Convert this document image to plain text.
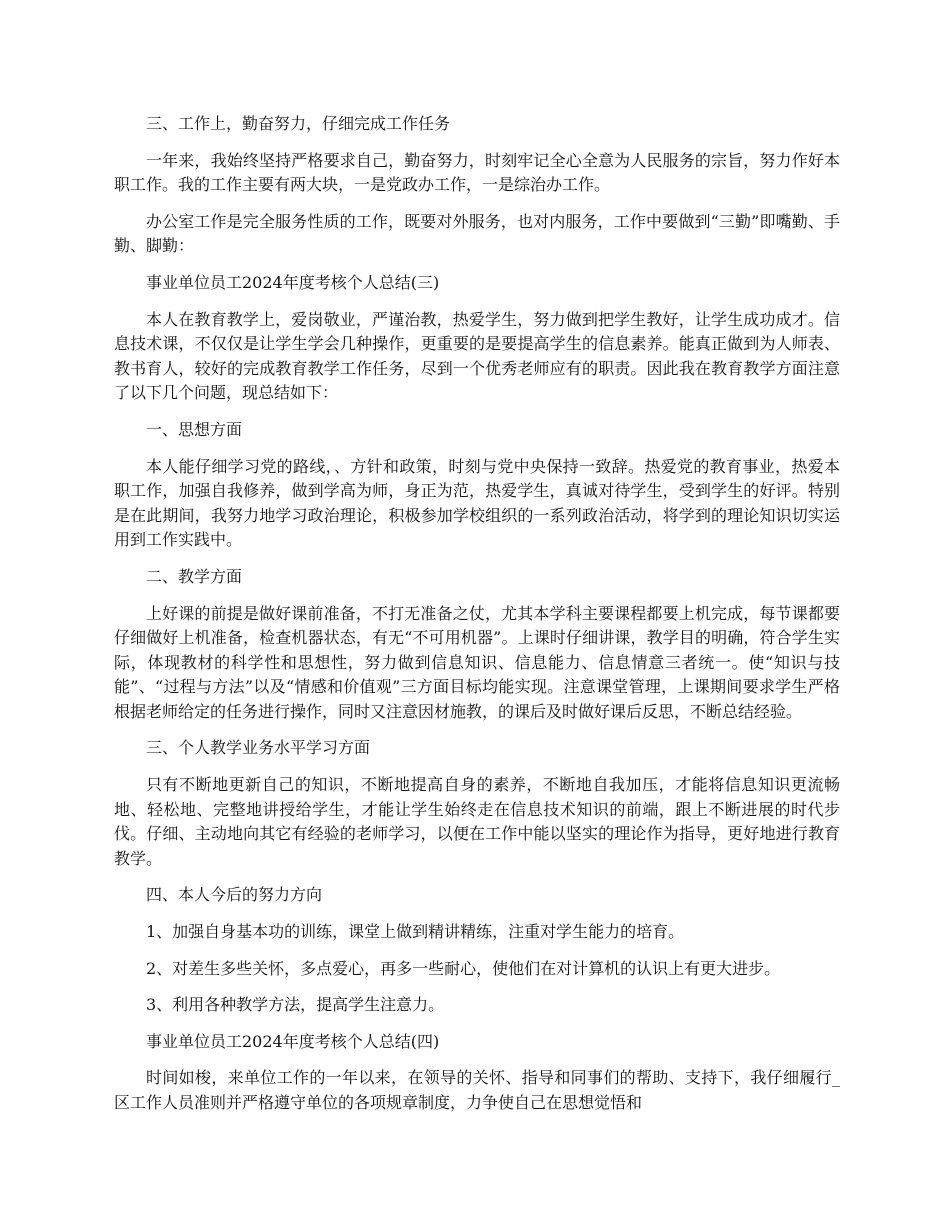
三、工作上，勤奋努力，仔细完成工作任务

一年来，我始终坚持严格要求自己，勤奋努力，时刻牢记全心全意为人民服务的宗旨，努力作好本职工作。我的工作主要有两大块，一是党政办工作，一是综治办工作。

办公室工作是完全服务性质的工作，既要对外服务，也对内服务，工作中要做到“三勤”即嘴勤、手勤、脚勤：

事业单位员工2024年度考核个人总结(三)

本人在教育教学上，爱岗敬业，严谨治教，热爱学生，努力做到把学生教好，让学生成功成才。信息技术课，不仅仅是让学生学会几种操作，更重要的是要提高学生的信息素养。能真正做到为人师表、教书育人，较好的完成教育教学工作任务，尽到一个优秀老师应有的职责。因此我在教育教学方面注意了以下几个问题，现总结如下：

一、思想方面

本人能仔细学习党的路线，、方针和政策，时刻与党中央保持一致辞。热爱党的教育事业，热爱本职工作，加强自我修养，做到学高为师，身正为范，热爱学生，真诚对待学生，受到学生的好评。特别是在此期间，我努力地学习政治理论，积极参加学校组织的一系列政治活动，将学到的理论知识切实运用到工作实践中。

二、教学方面

上好课的前提是做好课前准备，不打无准备之仗，尤其本学科主要课程都要上机完成，每节课都要仔细做好上机准备，检查机器状态，有无“不可用机器”。上课时仔细讲课，教学目的明确，符合学生实际，体现教材的科学性和思想性，努力做到信息知识、信息能力、信息情意三者统一。使“知识与技能”、“过程与方法”以及“情感和价值观”三方面目标均能实现。注意课堂管理，上课期间要求学生严格根据老师给定的任务进行操作，同时又注意因材施教，的课后及时做好课后反思，不断总结经验。

三、个人教学业务水平学习方面

只有不断地更新自己的知识，不断地提高自身的素养，不断地自我加压，才能将信息知识更流畅地、轻松地、完整地讲授给学生，才能让学生始终走在信息技术知识的前端，跟上不断进展的时代步伐。仔细、主动地向其它有经验的老师学习，以便在工作中能以坚实的理论作为指导，更好地进行教育教学。

四、本人今后的努力方向

1、加强自身基本功的训练，课堂上做到精讲精练，注重对学生能力的培育。

2、对差生多些关怀，多点爱心，再多一些耐心，使他们在对计算机的认识上有更大进步。

3、利用各种教学方法，提高学生注意力。

事业单位员工2024年度考核个人总结(四)

时间如梭，来单位工作的一年以来，在领导的关怀、指导和同事们的帮助、支持下，我仔细履行_区工作人员准则并严格遵守单位的各项规章制度，力争使自己在思想觉悟和
